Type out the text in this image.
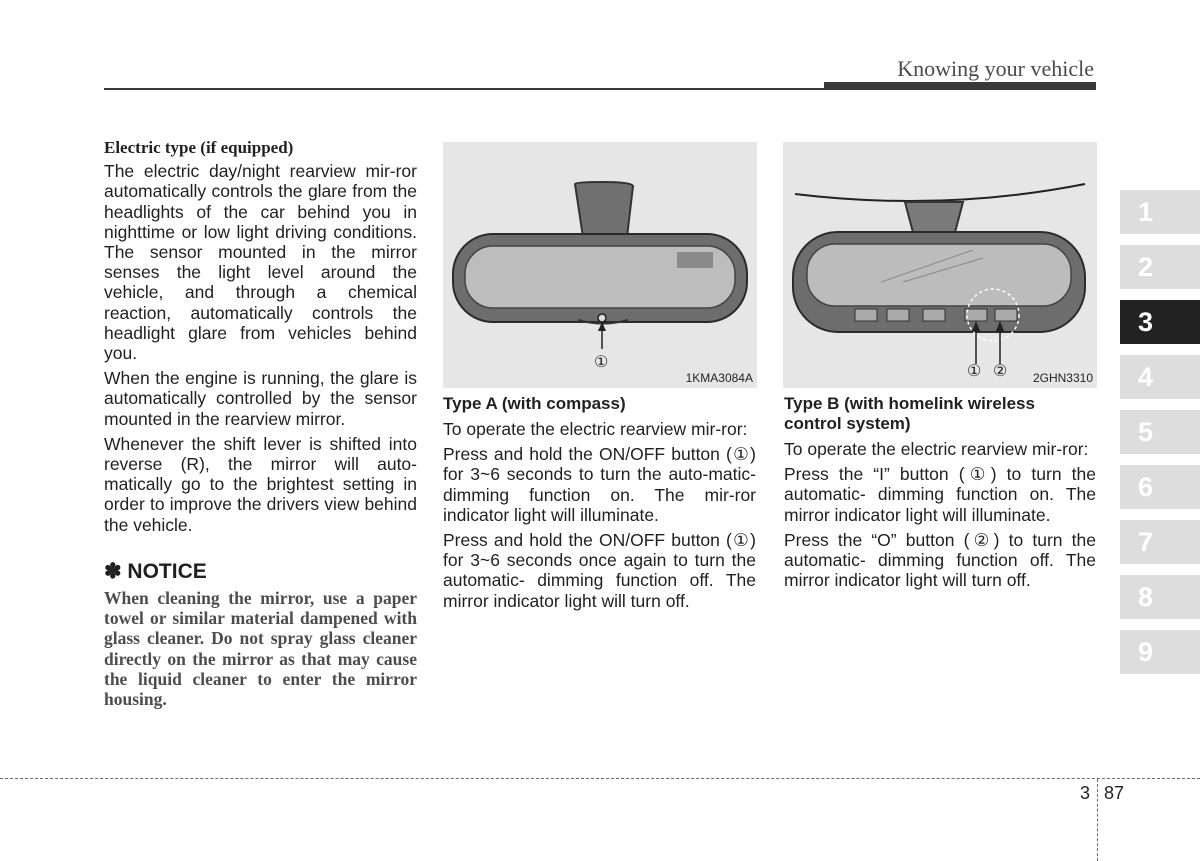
Knowing your vehicle
Electric type (if equipped)

The electric day/night rearview mir-ror automatically controls the glare from the headlights of the car behind you in nighttime or low light driving conditions. The sensor mounted in the mirror senses the light level around the vehicle, and through a chemical reaction, automatically controls the headlight glare from vehicles behind you.

When the engine is running, the glare is automatically controlled by the sensor mounted in the rearview mirror.

Whenever the shift lever is shifted into reverse (R), the mirror will auto-matically go to the brightest setting in order to improve the drivers view behind the vehicle.

✽ NOTICE
When cleaning the mirror, use a paper towel or similar material dampened with glass cleaner. Do not spray glass cleaner directly on the mirror as that may cause the liquid cleaner to enter the mirror housing.
①
1KMA3084A	① ② 2GHN3310
Type A (with compass)

To operate the electric rearview mir-ror:

Press and hold the ON/OFF button (①) for 3~6 seconds to turn the auto-matic- dimming function on. The mir-ror indicator light will illuminate.

Press and hold the ON/OFF button (①) for 3~6 seconds once again to turn the automatic- dimming function off. The mirror indicator light will turn off.

Type B (with homelink wireless control system)

To operate the electric rearview mir-ror:

Press the “I” button (①) to turn the automatic- dimming function on. The mirror indicator light will illuminate.

Press the “O” button (②) to turn the automatic- dimming function off. The mirror indicator light will turn off.

1
2
3
4
5
6
7
8
9
3 87
